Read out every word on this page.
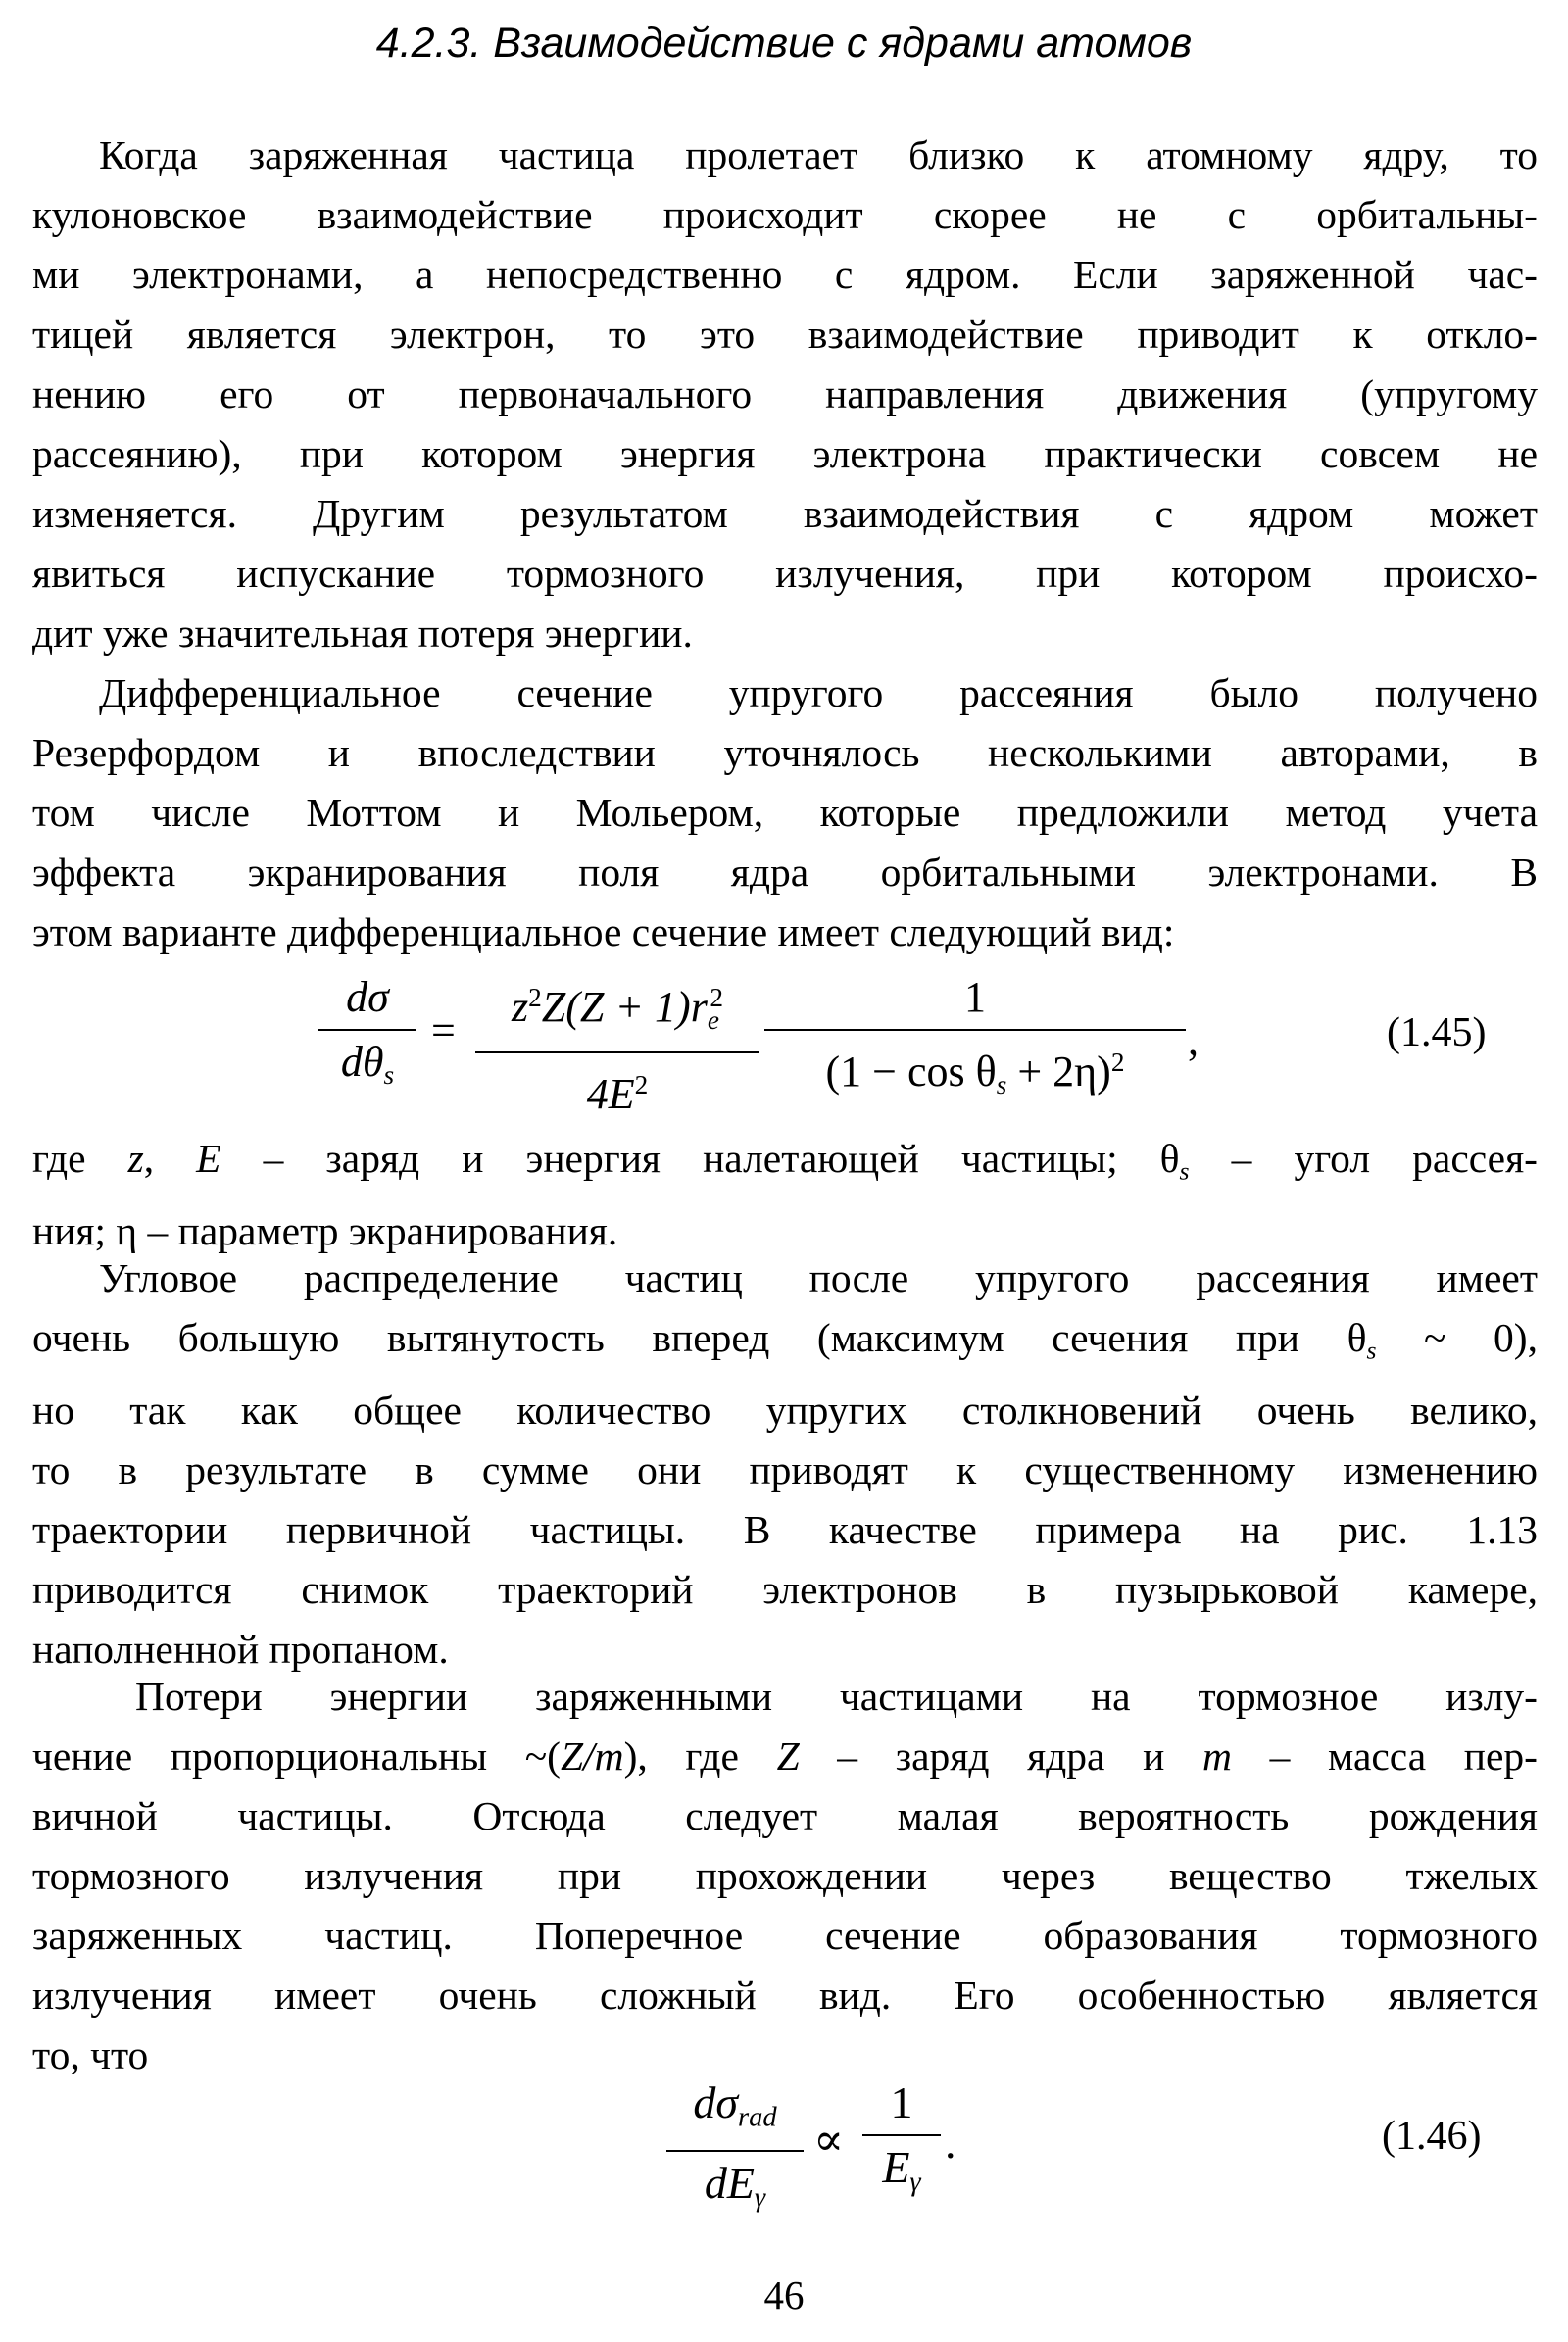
4.2.3. Взаимодействие с ядрами атомов
Когда заряженная частица пролетает близко к атомному ядру, то
кулоновское взаимодействие происходит скорее не с орбитальны-
ми электронами, а непосредственно с ядром. Если заряженной час-
тицей является электрон, то это взаимодействие приводит к откло-
нению его от первоначального направления движения (упругому
рассеянию), при котором энергия электрона практически совсем не
изменяется. Другим результатом взаимодействия с ядром может
явиться испускание тормозного излучения, при котором происхо-
дит уже значительная потеря энергии.
Дифференциальное сечение упругого рассеяния было получено
Резерфордом и впоследствии уточнялось несколькими авторами, в
том числе Моттом и Мольером, которые предложили метод учета
эффекта экранирования поля ядра орбитальными электронами. В
этом варианте дифференциальное сечение имеет следующий вид:
dσ
$d\theta_s$
=	$z^2Z(Z + 1)r_e^2$
$4E^2$
1
$(1 - \cos \theta_s + 2\eta)^2$	,	(1.45)
где z, E – заряд и энергия налетающей частицы; $\theta_s$ – угол рассея-
ния; η – параметр экранирования.
Угловое распределение частиц после упругого рассеяния имеет
очень большую вытянутость вперед (максимум сечения при $\theta_s$ ~ 0),
но так как общее количество упругих столкновений очень велико,
то в результате в сумме они приводят к существенному изменению
траектории первичной частицы. В качестве примера на рис. 1.13
приводится снимок траекторий электронов в пузырьковой камере,
наполненной пропаном.
Потери энергии заряженными частицами на тормозное излу-
чение пропорциональны ~(Z/m), где Z – заряд ядра и m – масса пер-
вичной частицы. Отсюда следует малая вероятность рождения
тормозного излучения при прохождении через вещество тжелых
заряженных частиц. Поперечное сечение образования тормозного
излучения имеет очень сложный вид. Его особенностью является
то, что
$d\sigma_{rad}$
$dE_\gamma$
∝
1
$E_\gamma$
.	(1.46)
46
